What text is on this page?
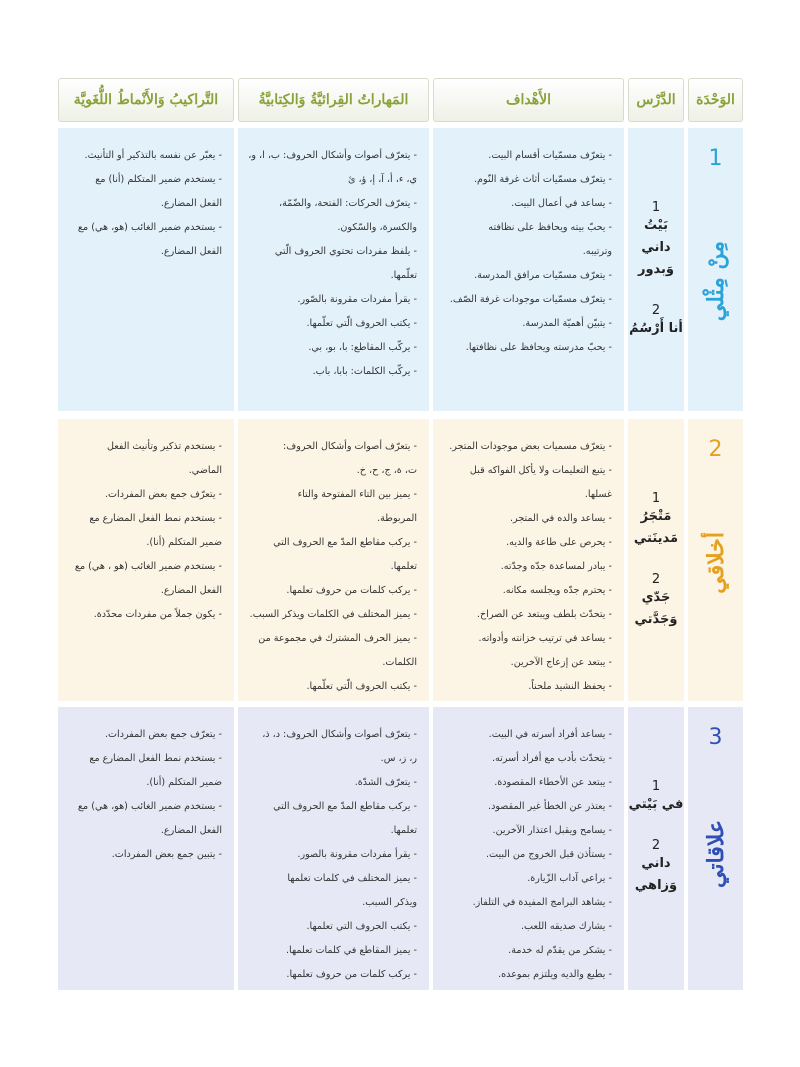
الوَحْدَة
الدَّرْس
الأَهْداف
المَهاراتُ القِرائيَّةُ وَالكِتابيَّةُ
التَّراكيبُ وَالأَنْماطُ اللُّغَويَّة
1
مِنْ مِثْلي
1
بَيْتُ داني
وَبدور
2
أنا أَرْسُمُ
- يتعرّف مسمّيات أقسام البيت.
- يتعرّف مسمّيات أثاث غرفة النّوم.
- يساعد في أعمال البيت.
- يحبّ بيته ويحافظ على نظافته
وترتيبه.
- يتعرّف مسمّيات مرافق المدرسة.
- يتعرّف مسمّيات موجودات غرفة الصّف.
- يتبيّن أهميّة المدرسة.
- يحبّ مدرسته ويحافظ على نظافتها.
- يتعرّف أصوات وأشكال الحروف: ب، ا، و،
ي، ء، أ، آ، إ، ؤ، ئ
- يتعرّف الحركات: الفتحة، والضّمّة،
والكسرة، والسّكون.
- يلفظ مفردات تحتوي الحروف الّتي
تعلّمها.
- يقرأ مفردات مقرونة بالصّور.
- يكتب الحروف الّتي تعلّمها.
- يركّب المقاطع: با، بو، بي.
- يركّب الكلمات: بابا، باب.
- يعبّر عن نفسه بالتذكير أو التأنيث.
- يستخدم ضمير المتكلم (أنا) مع
الفعل المضارع.
- يستخدم ضمير الغائب (هو، هي) مع
الفعل المضارع.
2
أخلاقي
1
مَتْجَرُ
مَدينَتي
2
جَدّي
وَجَدَّتي
- يتعرّف مسميات بعض موجودات المتجر.
- يتبع التعليمات ولا يأكل الفواكه قبل
غسلها.
- يساعد والده في المتجر.
- يحرص على طاعة والديه.
- يبادر لمساعدة جدّه وجدّته.
- يحترم جدّه ويجلسه مكانه.
- يتحدّث بلطف ويبتعد عن الصراخ.
- يساعد في ترتيب خزانته وأدواته.
- يبتعد عن إزعاج الآخرين.
- يحفظ النشيد ملحناً.
- يتعرّف أصوات وأشكال الحروف:
ت، ة، ج، ح، خ.
- يميز بين التاء المفتوحة والتاء
المربوطة.
- يركب مقاطع المدّ مع الحروف التي
تعلمها.
- يركب كلمات من حروف تعلمها.
- يميز المختلف في الكلمات ويذكر السبب.
- يميز الحرف المشترك في مجموعة من
الكلمات.
- يكتب الحروف الّتي تعلّمها.
- يستخدم تذكير وتأنيث الفعل
الماضي.
- يتعرّف جمع بعض المفردات.
- يستخدم نمط الفعل المضارع مع
ضمير المتكلم (أنا).
- يستخدم ضمير الغائب (هو ، هي) مع
الفعل المضارع.
- يكون جملاً من مفردات محدّدة.
3
علاقاتي
1
في بَيْتي
2
داني
وَزاهي
- يساعد أفراد أسرته في البيت.
- يتحدّث بأدب مع أفراد أسرته.
- يبتعد عن الأخطاء المقصودة.
- يعتذر عن الخطأ غير المقصود.
- يسامح ويقبل اعتذار الآخرين.
- يستأذن قبل الخروج من البيت.
- يراعي آداب الزّيارة.
- يشاهد البرامج المفيدة في التلفاز.
- يشارك صديقه اللعب.
- يشكر من يقدّم له خدمة.
- يطيع والديه ويلتزم بموعده.
- يتعرّف أصوات وأشكال الحروف: د، ذ،
ر، ز، س.
- يتعرّف الشدّة.
- يركب مقاطع المدّ مع الحروف التي
تعلمها.
- يقرأ مفردات مقرونة بالصور.
- يميز المختلف في كلمات تعلمها
ويذكر السبب.
- يكتب الحروف التي تعلمها.
- يميز المقاطع في كلمات تعلمها.
- يركب كلمات من حروف تعلمها.
- يتعرّف جمع بعض المفردات.
- يستخدم نمط الفعل المضارع مع
ضمير المتكلم (أنا).
- يستخدم ضمير الغائب (هو، هي) مع
الفعل المضارع.
- يتبين جمع بعض المفردات.
